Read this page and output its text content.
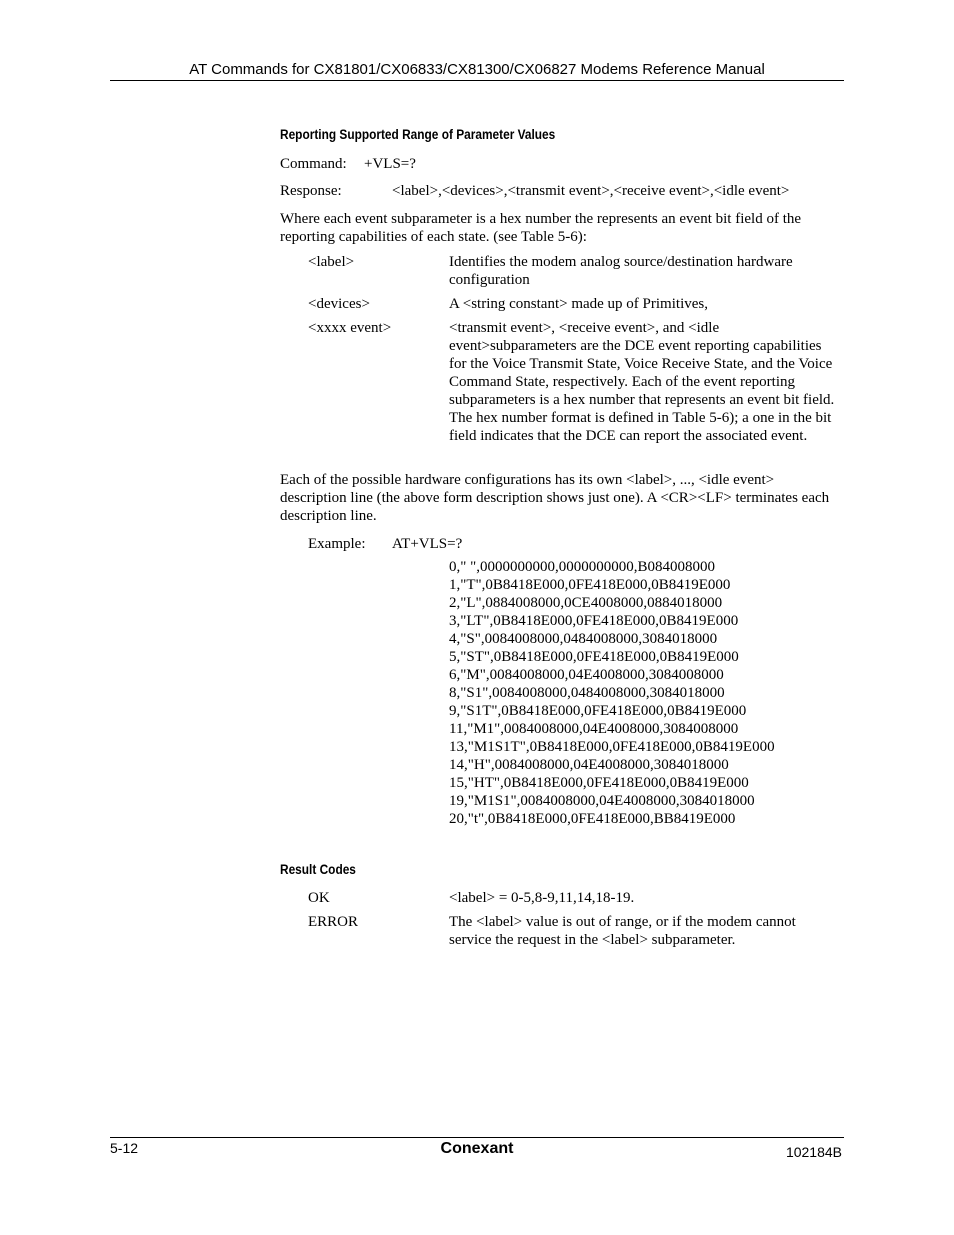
AT Commands for CX81801/CX06833/CX81300/CX06827 Modems Reference Manual
Reporting Supported Range of Parameter Values
Command: +VLS=?
Response:	<label>,<devices>,<transmit event>,<receive event>,<idle event>
Where each event subparameter is a hex number the represents an event bit field of the reporting capabilities of each state. (see Table 5-6):
<label>	Identifies the modem analog source/destination hardware configuration
<devices>	A <string constant> made up of Primitives,
<xxxx event>	<transmit event>, <receive event>, and <idle event>subparameters are the DCE event reporting capabilities for the Voice Transmit State, Voice Receive State, and the Voice Command State, respectively. Each of the event reporting subparameters is a hex number that represents an event bit field. The hex number format is defined in Table 5-6); a one in the bit field indicates that the DCE can report the associated event.
Each of the possible hardware configurations has its own <label>, ..., <idle event> description line (the above form description shows just one). A <CR><LF> terminates each description line.
Example: AT+VLS=?
0," ",0000000000,0000000000,B084008000
1,"T",0B8418E000,0FE418E000,0B8419E000
2,"L",0884008000,0CE4008000,0884018000
3,"LT",0B8418E000,0FE418E000,0B8419E000
4,"S",0084008000,0484008000,3084018000
5,"ST",0B8418E000,0FE418E000,0B8419E000
6,"M",0084008000,04E4008000,3084008000
8,"S1",0084008000,0484008000,3084018000
9,"S1T",0B8418E000,0FE418E000,0B8419E000
11,"M1",0084008000,04E4008000,3084008000
13,"M1S1T",0B8418E000,0FE418E000,0B8419E000
14,"H",0084008000,04E4008000,3084018000
15,"HT",0B8418E000,0FE418E000,0B8419E000
19,"M1S1",0084008000,04E4008000,3084018000
20,"t",0B8418E000,0FE418E000,BB8419E000
Result Codes
OK	<label> = 0-5,8-9,11,14,18-19.
ERROR	The <label> value is out of range, or if the modem cannot service the request in the <label> subparameter.
5-12	Conexant	102184B
